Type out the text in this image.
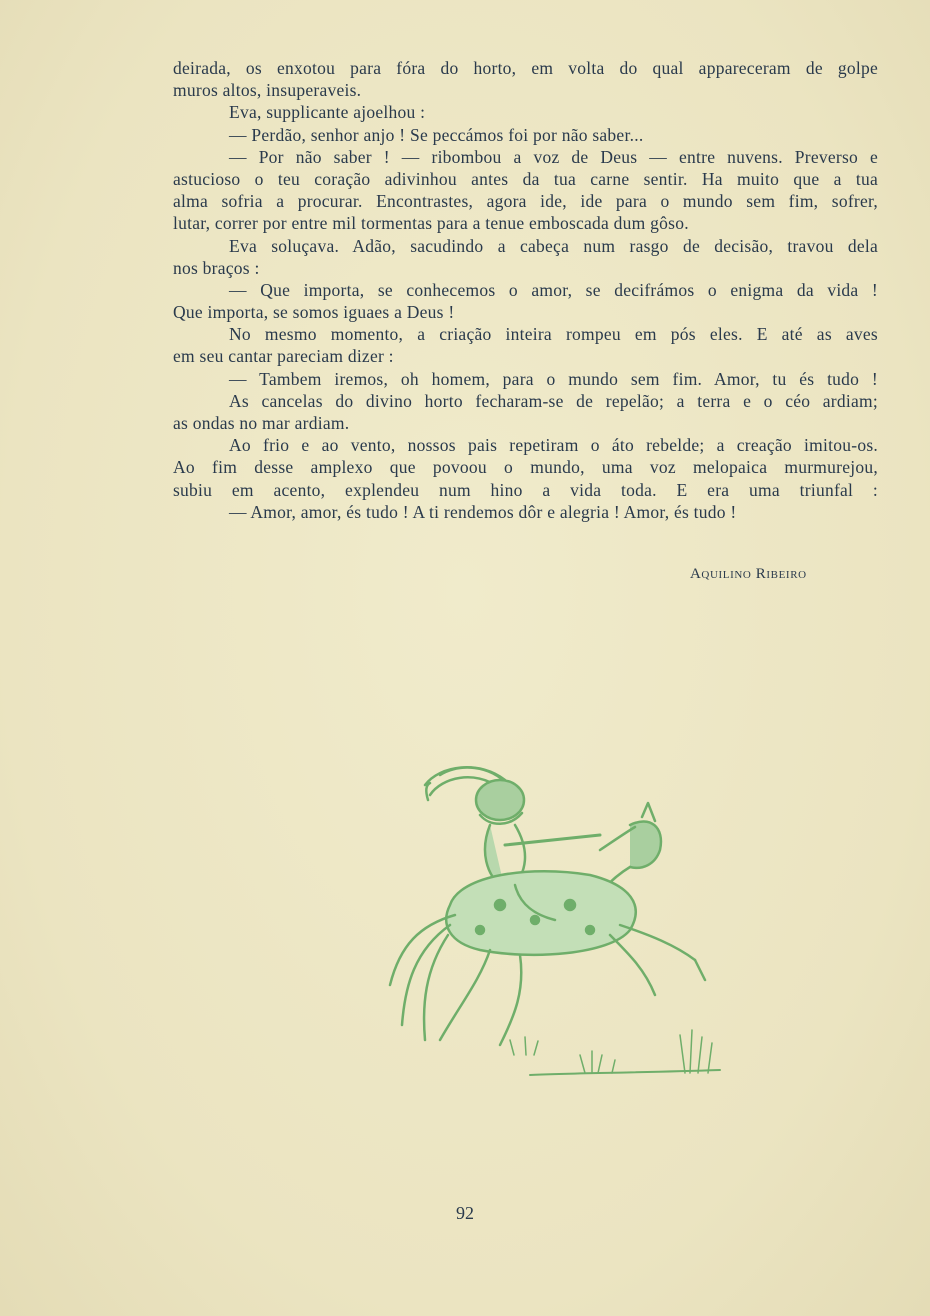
deirada, os enxotou para fóra do horto, em volta do qual appareceram de golpe
muros altos, insuperaveis.
Eva, supplicante ajoelhou :
— Perdão, senhor anjo ! Se peccámos foi por não saber...
— Por não saber ! — ribombou a voz de Deus — entre nuvens. Preverso e
astucioso o teu coração adivinhou antes da tua carne sentir. Ha muito que a tua
alma sofria a procurar. Encontrastes, agora ide, ide para o mundo sem fim, sofrer,
lutar, correr por entre mil tormentas para a tenue emboscada dum gôso.
Eva soluçava. Adão, sacudindo a cabeça num rasgo de decisão, travou dela
nos braços :
— Que importa, se conhecemos o amor, se decifrámos o enigma da vida !
Que importa, se somos iguaes a Deus !
No mesmo momento, a criação inteira rompeu em pós eles. E até as aves
em seu cantar pareciam dizer :
— Tambem iremos, oh homem, para o mundo sem fim. Amor, tu és tudo !
As cancelas do divino horto fecharam-se de repelão; a terra e o céo ardiam;
as ondas no mar ardiam.
Ao frio e ao vento, nossos pais repetiram o áto rebelde; a creação imitou-os.
Ao fim desse amplexo que povoou o mundo, uma voz melopaica murmurejou,
subiu em acento, explendeu num hino a vida toda. E era uma triunfal :
— Amor, amor, és tudo ! A ti rendemos dôr e alegria ! Amor, és tudo !
Aquilino Ribeiro
92
